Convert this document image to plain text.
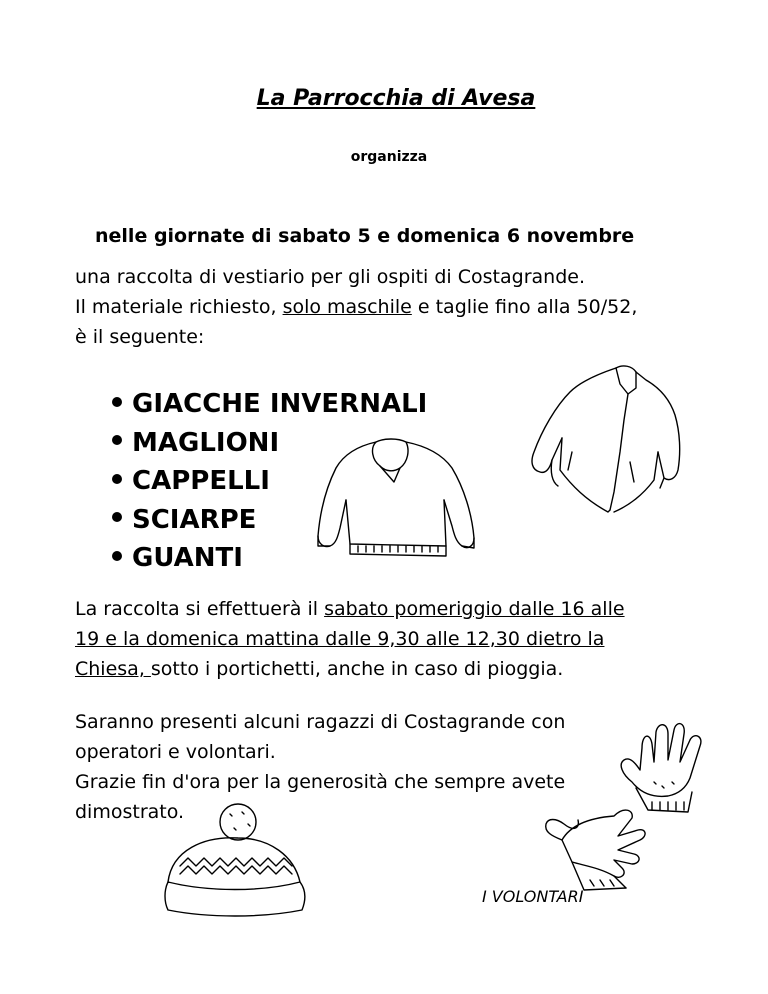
La Parrocchia di Avesa
organizza
nelle giornate di sabato 5 e domenica 6 novembre
una raccolta di vestiario per gli ospiti di Costagrande.
Il materiale richiesto, solo maschile e taglie fino alla 50/52,
è il seguente:
GIACCHE INVERNALI
MAGLIONI
CAPPELLI
SCIARPE
GUANTI
La raccolta si effettuerà il sabato pomeriggio dalle 16 alle
19 e la domenica mattina dalle 9,30 alle 12,30 dietro la
Chiesa, sotto i portichetti, anche in caso di pioggia.
Saranno presenti alcuni ragazzi di Costagrande con
operatori e volontari.
Grazie fin d'ora per la generosità che sempre avete
dimostrato.
I VOLONTARI
